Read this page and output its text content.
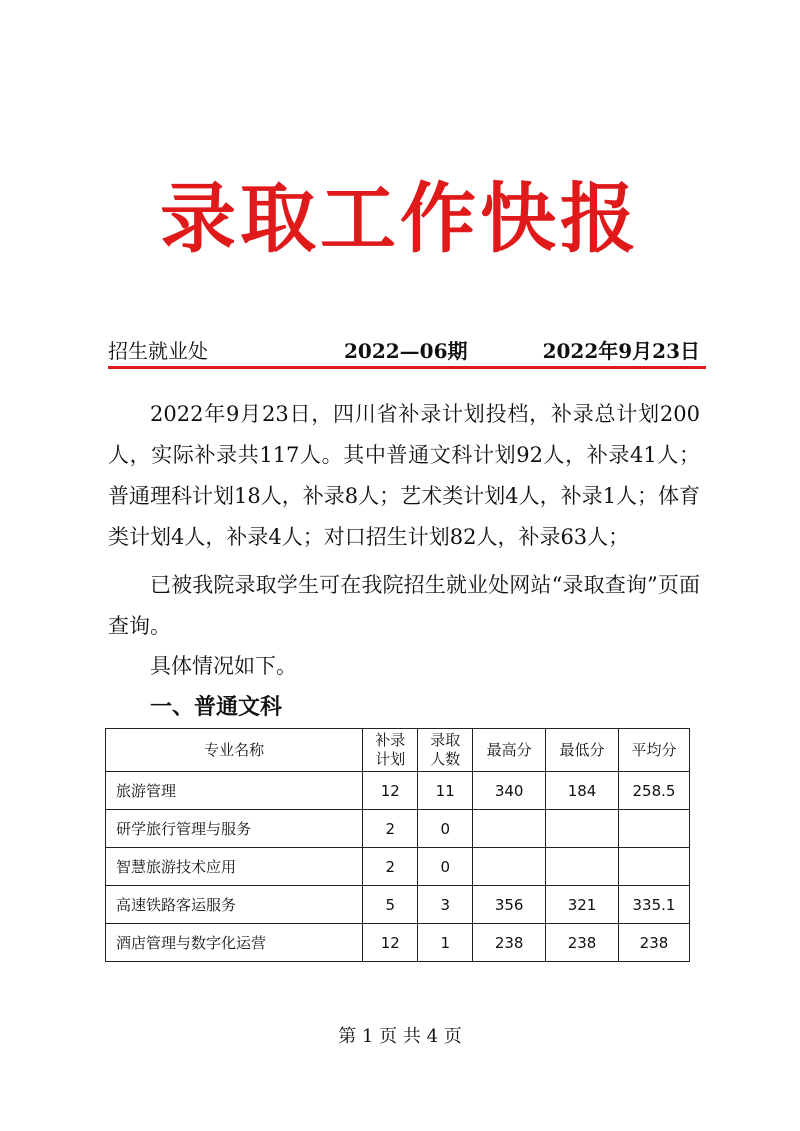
录取工作快报
招生就业处	2022—06期	2022年9月23日

2022年9月23日，四川省补录计划投档，补录总计划200人，实际补录共117人。其中普通文科计划92人，补录41人；普通理科计划18人，补录8人；艺术类计划4人，补录1人；体育类计划4人，补录4人；对口招生计划82人，补录63人；

已被我院录取学生可在我院招生就业处网站“录取查询”页面查询。

具体情况如下。

一、普通文科
专业名称	补录计划	录取人数	最高分	最低分	平均分
旅游管理	12	11	340	184	258.5
研学旅行管理与服务	2	0			
智慧旅游技术应用	2	0			
高速铁路客运服务	5	3	356	321	335.1
酒店管理与数字化运营	12	1	238	238	238
第 1 页 共 4 页
